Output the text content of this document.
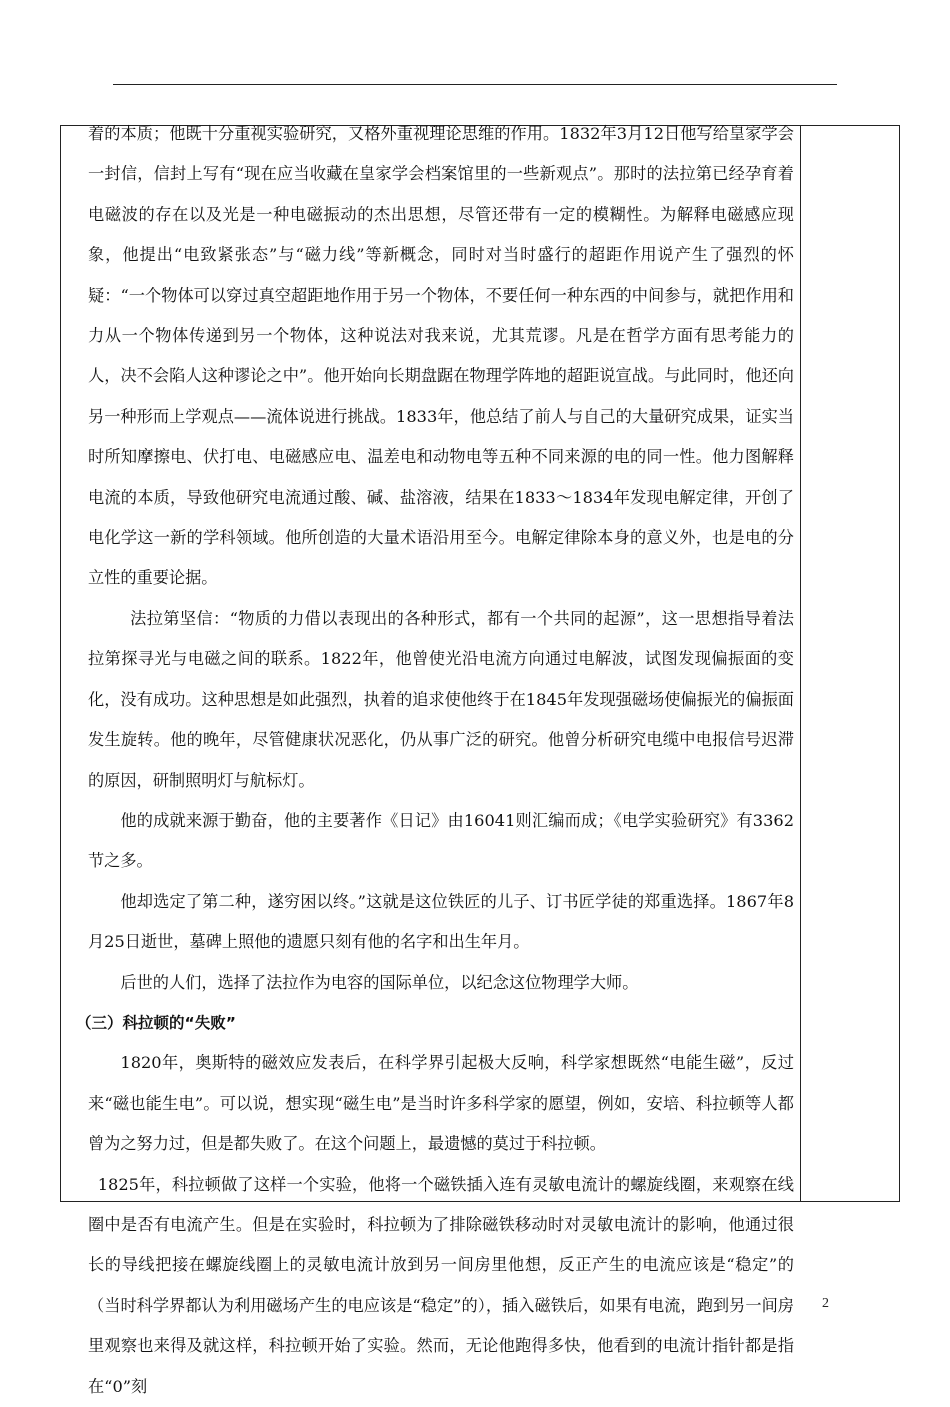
着的本质；他既十分重视实验研究，又格外重视理论思维的作用。1832年3月12日他写给皇家学会一封信，信封上写有“现在应当收藏在皇家学会档案馆里的一些新观点”。那时的法拉第已经孕育着电磁波的存在以及光是一种电磁振动的杰出思想，尽管还带有一定的模糊性。为解释电磁感应现象，他提出“电致紧张态”与“磁力线”等新概念，同时对当时盛行的超距作用说产生了强烈的怀疑：“一个物体可以穿过真空超距地作用于另一个物体，不要任何一种东西的中间参与，就把作用和力从一个物体传递到另一个物体，这种说法对我来说，尤其荒谬。凡是在哲学方面有思考能力的人，决不会陷人这种谬论之中”。他开始向长期盘踞在物理学阵地的超距说宣战。与此同时，他还向另一种形而上学观点——流体说进行挑战。1833年，他总结了前人与自己的大量研究成果，证实当时所知摩擦电、伏打电、电磁感应电、温差电和动物电等五种不同来源的电的同一性。他力图解释电流的本质，导致他研究电流通过酸、碱、盐溶液，结果在1833～1834年发现电解定律，开创了电化学这一新的学科领域。他所创造的大量术语沿用至今。电解定律除本身的意义外，也是电的分立性的重要论据。

法拉第坚信：“物质的力借以表现出的各种形式，都有一个共同的起源”，这一思想指导着法拉第探寻光与电磁之间的联系。1822年，他曾使光沿电流方向通过电解波，试图发现偏振面的变化，没有成功。这种思想是如此强烈，执着的追求使他终于在1845年发现强磁场使偏振光的偏振面发生旋转。他的晚年，尽管健康状况恶化，仍从事广泛的研究。他曾分析研究电缆中电报信号迟滞的原因，研制照明灯与航标灯。

他的成就来源于勤奋，他的主要著作《日记》由16041则汇编而成；《电学实验研究》有3362节之多。

他却选定了第二种，遂穷困以终。”这就是这位铁匠的儿子、订书匠学徒的郑重选择。1867年8月25日逝世，墓碑上照他的遗愿只刻有他的名字和出生年月。

后世的人们，选择了法拉作为电容的国际单位，以纪念这位物理学大师。

（三）科拉顿的“失败”

1820年，奥斯特的磁效应发表后，在科学界引起极大反响，科学家想既然“电能生磁”，反过来“磁也能生电”。可以说，想实现“磁生电”是当时许多科学家的愿望，例如，安培、科拉顿等人都曾为之努力过，但是都失败了。在这个问题上，最遗憾的莫过于科拉顿。

1825年，科拉顿做了这样一个实验，他将一个磁铁插入连有灵敏电流计的螺旋线圈，来观察在线圈中是否有电流产生。但是在实验时，科拉顿为了排除磁铁移动时对灵敏电流计的影响，他通过很长的导线把接在螺旋线圈上的灵敏电流计放到另一间房里他想，反正产生的电流应该是“稳定”的（当时科学界都认为利用磁场产生的电应该是“稳定”的），插入磁铁后，如果有电流，跑到另一间房里观察也来得及就这样，科拉顿开始了实验。然而，无论他跑得多快，他看到的电流计指针都是指在“0”刻

2
